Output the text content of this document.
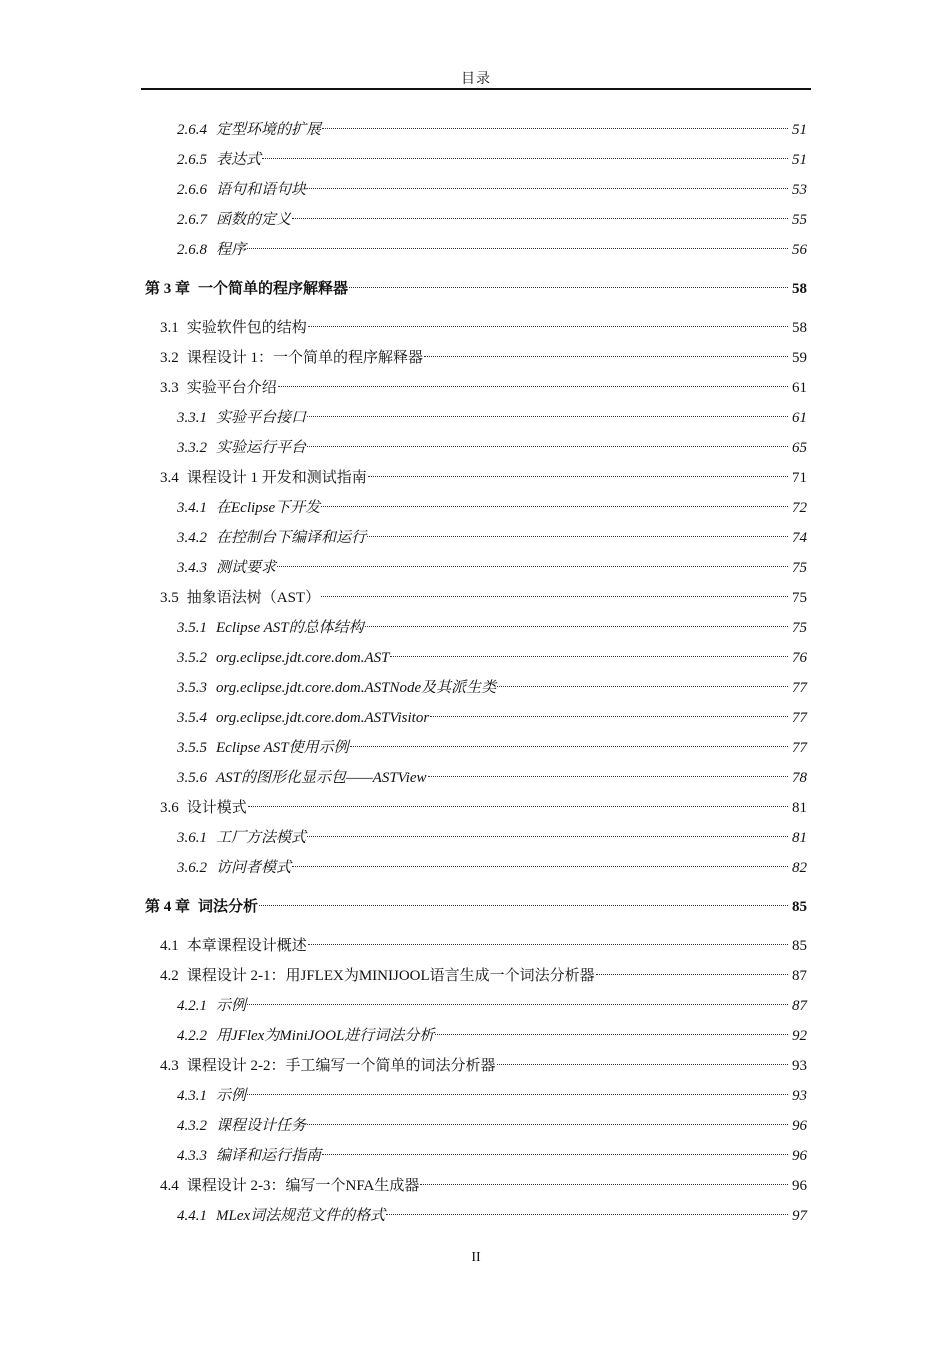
目录
2.6.4 定型环境的扩展	51
2.6.5 表达式	51
2.6.6 语句和语句块	53
2.6.7 函数的定义	55
2.6.8 程序	56
第 3 章 一个简单的程序解释器	58
3.1 实验软件包的结构	58
3.2 课程设计 1：一个简单的程序解释器	59
3.3 实验平台介绍	61
3.3.1 实验平台接口	61
3.3.2 实验运行平台	65
3.4 课程设计 1 开发和测试指南	71
3.4.1 在Eclipse下开发	72
3.4.2 在控制台下编译和运行	74
3.4.3 测试要求	75
3.5 抽象语法树（AST）	75
3.5.1 Eclipse AST的总体结构	75
3.5.2 org.eclipse.jdt.core.dom.AST	76
3.5.3 org.eclipse.jdt.core.dom.ASTNode及其派生类	77
3.5.4 org.eclipse.jdt.core.dom.ASTVisitor	77
3.5.5 Eclipse AST使用示例	77
3.5.6 AST的图形化显示包——ASTView	78
3.6 设计模式	81
3.6.1 工厂方法模式	81
3.6.2 访问者模式	82
第 4 章 词法分析	85
4.1 本章课程设计概述	85
4.2 课程设计 2-1：用JFLEX为MINIJOOL语言生成一个词法分析器	87
4.2.1 示例	87
4.2.2 用JFlex为MiniJOOL进行词法分析	92
4.3 课程设计 2-2：手工编写一个简单的词法分析器	93
4.3.1 示例	93
4.3.2 课程设计任务	96
4.3.3 编译和运行指南	96
4.4 课程设计 2-3：编写一个NFA生成器	96
4.4.1 MLex词法规范文件的格式	97
II
